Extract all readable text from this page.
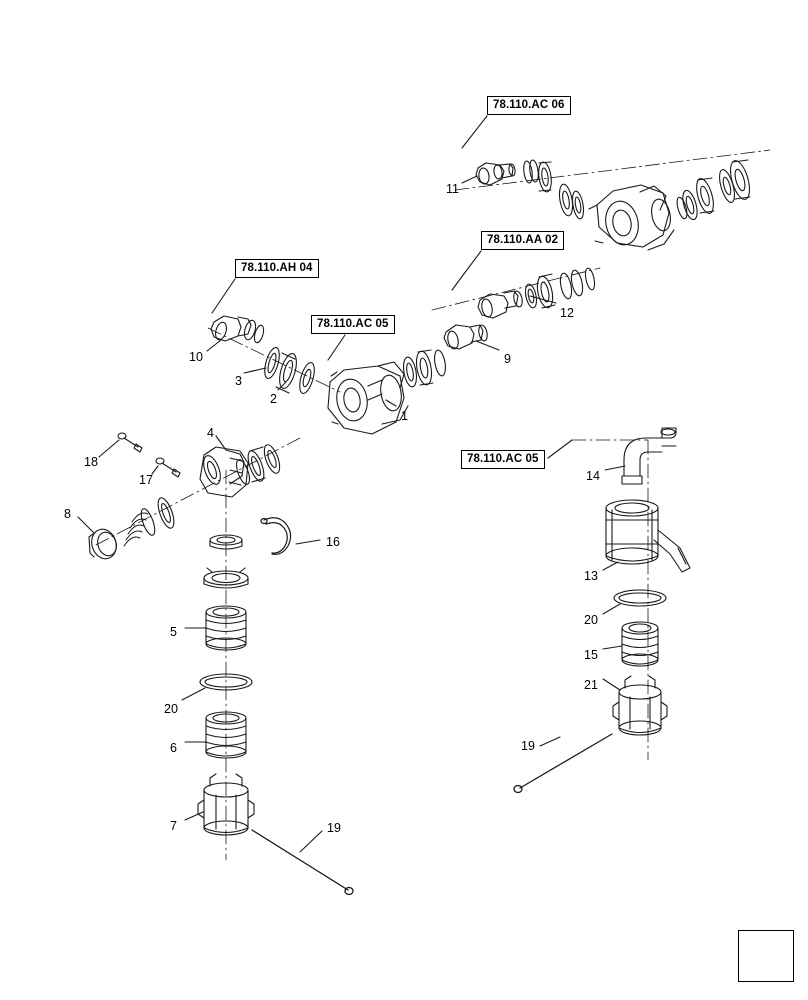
78.110.AC 06
78.110.AA 02
78.110.AH 04
78.110.AC 05
78.110.AC 05
1
2
3
4
5
6
7
8
9
10
11
12
13
14
15
16
17
18
19
19
20
20
21
